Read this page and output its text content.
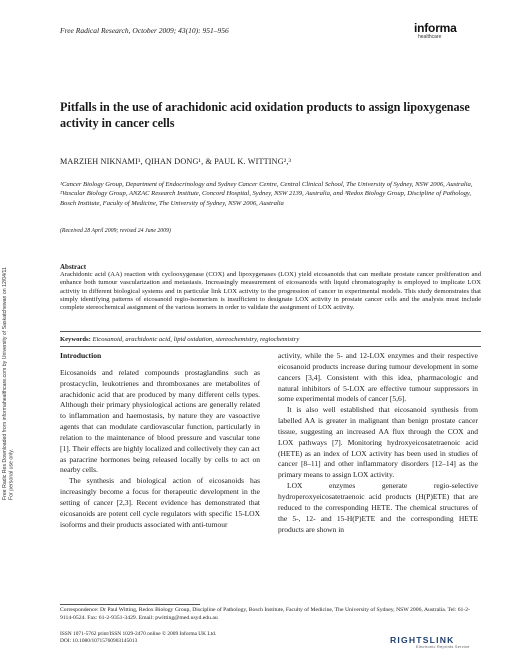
Free Radic Res Downloaded from informahealthcare.com by University of Saskatchewan on 12/04/11 For personal use only.
Free Radical Research, October 2009; 43(10): 951–956	informa
healthcare
Pitfalls in the use of arachidonic acid oxidation products to assign lipoxygenase activity in cancer cells
MARZIEH NIKNAMI¹, QIHAN DONG¹, & PAUL K. WITTING²,³
¹Cancer Biology Group, Department of Endocrinology and Sydney Cancer Centre, Central Clinical School, The University of Sydney, NSW 2006, Australia, ²Vascular Biology Group, ANZAC Research Institute, Concord Hospital, Sydney, NSW 2139, Australia, and ³Redox Biology Group, Discipline of Pathology, Bosch Institute, Faculty of Medicine, The University of Sydney, NSW 2006, Australia
(Received 28 April 2009; revised 24 June 2009)
Abstract
Arachidonic acid (AA) reaction with cyclooxygenase (COX) and lipoxygenases (LOX) yield eicosanoids that can mediate prostate cancer proliferation and enhance both tumour vascularization and metastasis. Increasingly measurement of eicosanoids with liquid chromatography is employed to implicate LOX activity in different biological systems and in particular link LOX activity to the progression of cancer in experimental models. This study demonstrates that simply identifying patterns of eicosanoid regio-isomerism is insufficient to designate LOX activity in prostate cancer cells and the analysis must include complete stereochemical assignment of the various isomers in order to validate the assignment of LOX activity.
Keywords: Eicosanoid, arachidonic acid, lipid oxidation, stereochemistry, regiochemistry

Introduction

Eicosanoids and related compounds prostaglandins such as prostacyclin, leukotrienes and thromboxanes are metabolites of arachidonic acid that are produced by many different cells types. Although their primary physiological actions are generally related to inflammation and haemostasis, by nature they are vasoactive agents that can modulate cardiovascular function, particularly in relation to the maintenance of blood pressure and vascular tone [1]. Their effects are highly localized and collectively they can act as paracrine hormones being released locally by cells to act on nearby cells.

The synthesis and biological action of eicosanoids has increasingly become a focus for therapeutic development in the setting of cancer [2,3]. Recent evidence has demonstrated that eicosanoids are potent cell cycle regulators with specific 15-LOX isoforms and their products associated with anti-tumour

activity, while the 5- and 12-LOX enzymes and their respective eicosanoid products increase during tumour development in some cancers [3,4]. Consistent with this idea, pharmacologic and natural inhibitors of 5-LOX are effective tumour suppressors in some experimental models of cancer [5,6].

It is also well established that eicosanoid synthesis from labelled AA is greater in malignant than benign prostate cancer tissue, suggesting an increased AA flux through the COX and LOX pathways [7]. Monitoring hydroxyeicosatetraenoic acid (HETE) as an index of LOX activity has been used in studies of cancer [8–11] and other inflammatory disorders [12–14] as the primary means to assign LOX activity.

LOX enzymes generate regio-selective hydroperoxyeicosatetraenoic acid products (H(P)ETE) that are reduced to the corresponding HETE. The chemical structures of the 5-, 12- and 15-H(P)ETE and the corresponding HETE products are shown in

Correspondence: Dr Paul Witting, Redox Biology Group, Discipline of Pathology, Bosch Institute, Faculty of Medicine, The University of Sydney, NSW 2006, Australia. Tel: 61-2-9114-0524. Fax: 61-2-9351-3429. Email: pwitting@med.usyd.edu.au
ISSN 1071-5762 print/ISSN 1029-2470 online © 2009 Informa UK Ltd.
DOI: 10.1080/10715760903145013	RIGHTSLINK
Electronic Reprints Service
